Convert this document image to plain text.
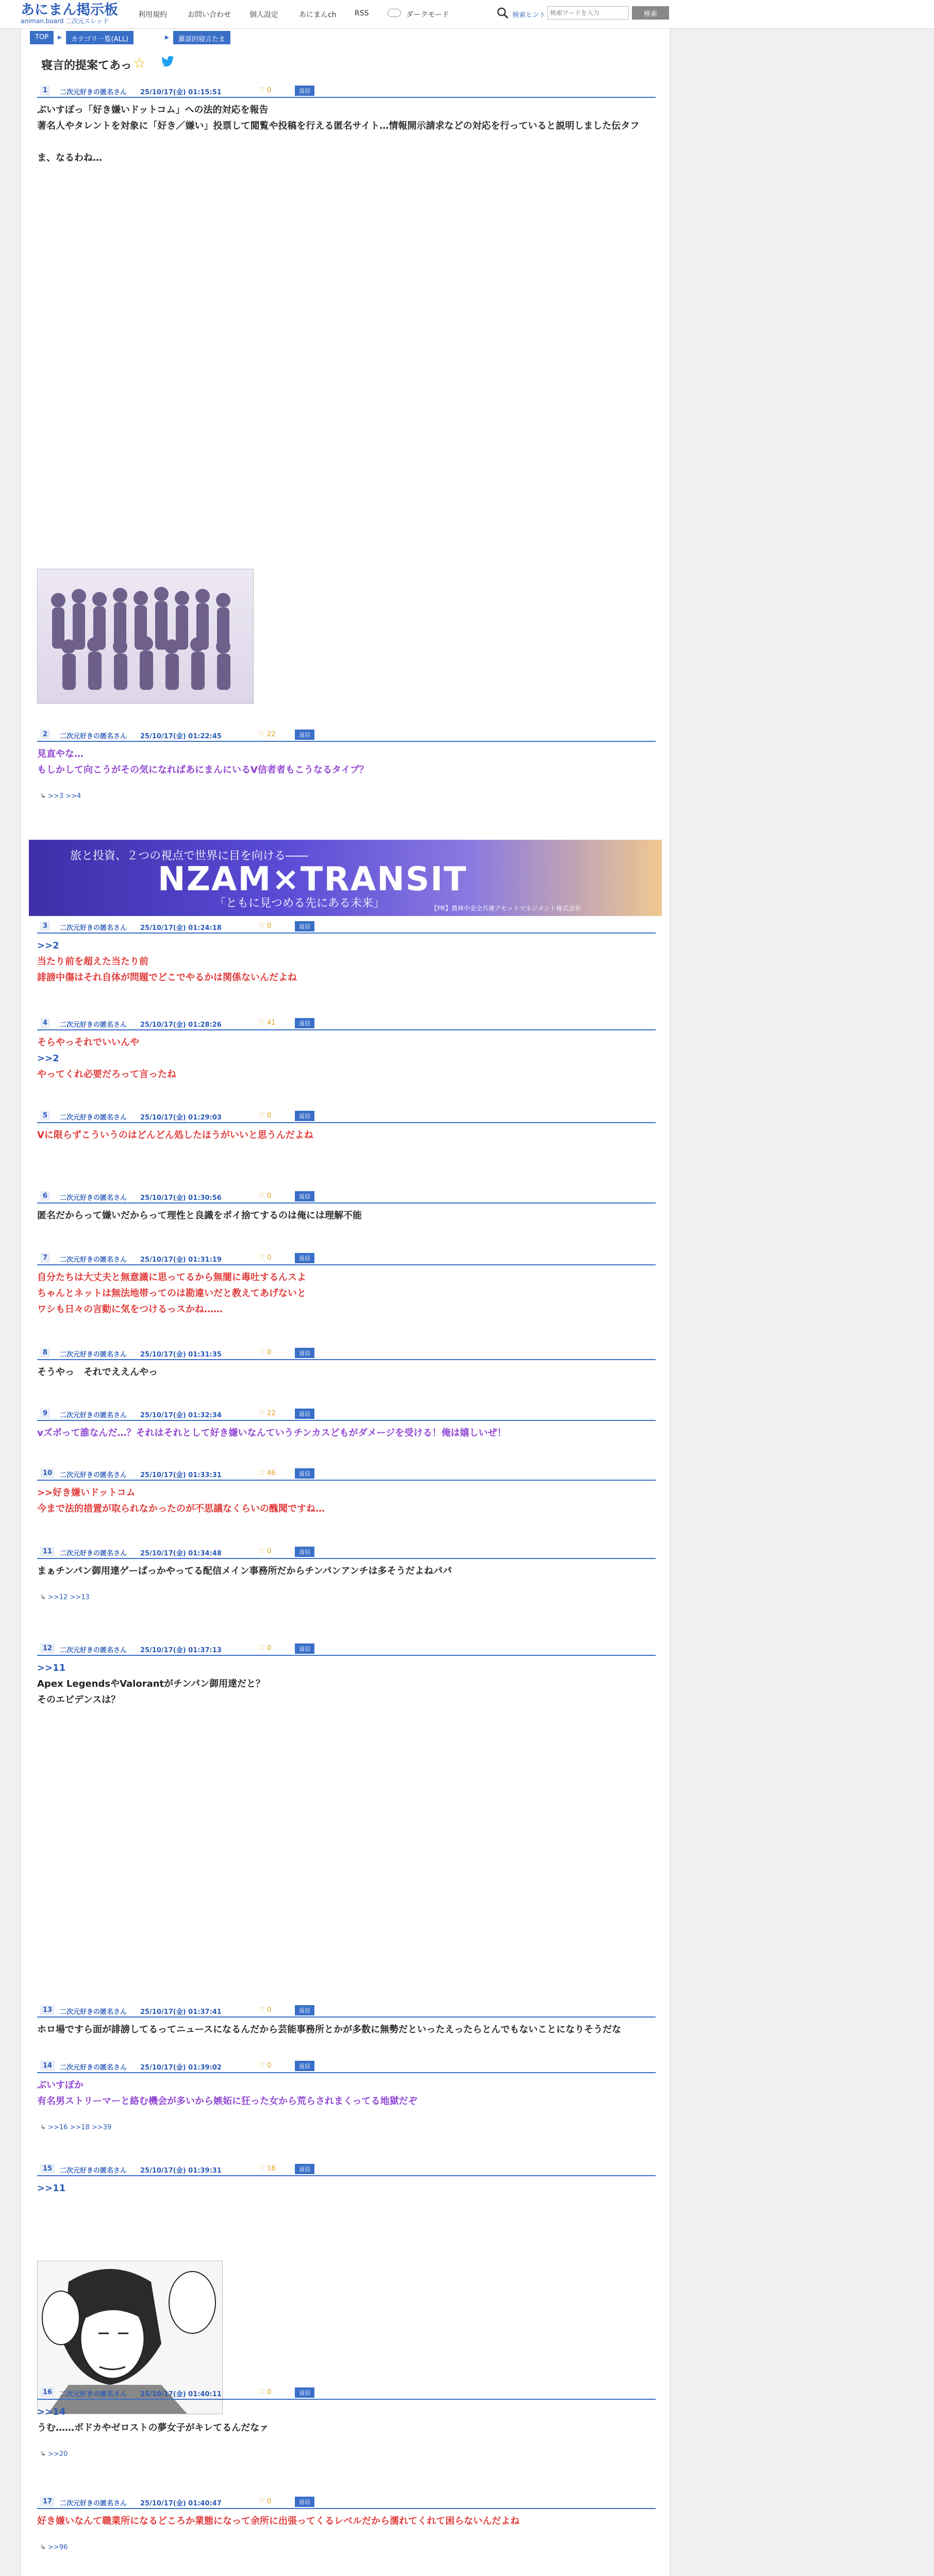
あにまん掲示板
animan.board 二次元スレッド
利用規約	お問い合わせ	個人設定	あにまんch	RSS	ダークモード	検索ヒント
検索ワードを入力	検索
TOP	▸	カテゴリ一覧(ALL)	▸	雑談的寝言たま
寝言的提案てあっ ☆
旅と投資、２つの視点で世界に目を向ける――
NZAM×TRANSIT
「ともに見つめる先にある未来」	【PR】農林中金全共連アセットマネジメント株式会社
1	二次元好きの匿名さん 25/10/17(金) 01:15:51	♡ 0	返信
ぶいすぽっ「好き嫌いドットコム」への法的対応を報告
著名人やタレントを対象に「好き／嫌い」投票して閲覧や投稿を行える匿名サイト…情報開示請求などの対応を行っていると説明しました伝タフ
ま、なるわね…
2	二次元好きの匿名さん 25/10/17(金) 01:22:45	♡ 22	返信
見直やな…
もしかして向こうがその気になればあにまんにいるV信者者もこうなるタイプ？
↳ >>3 >>4
3	二次元好きの匿名さん 25/10/17(金) 01:24:18	♡ 0	返信
>>2
当たり前を超えた当たり前
誹謗中傷はそれ自体が問題でどこでやるかは関係ないんだよね
4	二次元好きの匿名さん 25/10/17(金) 01:28:26	♡ 41	返信
そらやっそれでいいんや
>>2
やってくれ必要だろって言ったね
5	二次元好きの匿名さん 25/10/17(金) 01:29:03	♡ 0	返信
Vに限らずこういうのはどんどん処したほうがいいと思うんだよね
6	二次元好きの匿名さん 25/10/17(金) 01:30:56	♡ 0	返信
匿名だからって嫌いだからって理性と良識をポイ捨てするのは俺には理解不能
7	二次元好きの匿名さん 25/10/17(金) 01:31:19	♡ 0	返信
自分たちは大丈夫と無意識に思ってるから無闇に毒吐するんスよ
ちゃんとネットは無法地帯ってのは勘違いだと教えてあげないと
ワシも日々の言動に気をつけるっスかね……
8	二次元好きの匿名さん 25/10/17(金) 01:31:35	♡ 0	返信
そうやっ　それでええんやっ
9	二次元好きの匿名さん 25/10/17(金) 01:32:34	♡ 22	返信
vズポって誰なんだ…？それはそれとして好き嫌いなんていうチンカスどもがダメージを受ける！俺は嬉しいぜ！
10	二次元好きの匿名さん 25/10/17(金) 01:33:31	♡ 46	返信
>>好き嫌いドットコム
今まで法的措置が取られなかったのが不思議なくらいの醜聞ですね…
11	二次元好きの匿名さん 25/10/17(金) 01:34:48	♡ 0	返信
まぁチンパン御用達ゲーばっかやってる配信メイン事務所だからチンパンアンチは多そうだよねパパ
↳ >>12 >>13
12	二次元好きの匿名さん 25/10/17(金) 01:37:13	♡ 0	返信
>>11
Apex LegendsやValorantがチンパン御用達だと？
そのエビデンスは？
13	二次元好きの匿名さん 25/10/17(金) 01:37:41	♡ 0	返信
ホロ場ですら面が誹謗してるってニュースになるんだから芸能事務所とかが多数に無勢だといったえったらとんでもないことになりそうだな
14	二次元好きの匿名さん 25/10/17(金) 01:39:02	♡ 0	返信
ぶいすぽか
有名男ストリーマーと絡む機会が多いから嫉妬に狂った女から荒らされまくってる地獄だぞ
↳ >>16 >>18 >>39
15	二次元好きの匿名さん 25/10/17(金) 01:39:31	♡ 18	返信
>>11
16	二次元好きの匿名さん 25/10/17(金) 01:40:11	♡ 0	返信
>>14
うむ……ボドカやゼロストの夢女子がキレてるんだなァ
↳ >>20
17	二次元好きの匿名さん 25/10/17(金) 01:40:47	♡ 0	返信
好き嫌いなんて職業所になるどころか業態になって余所に出張ってくるレベルだから濡れてくれて困らないんだよね
↳ >>96
